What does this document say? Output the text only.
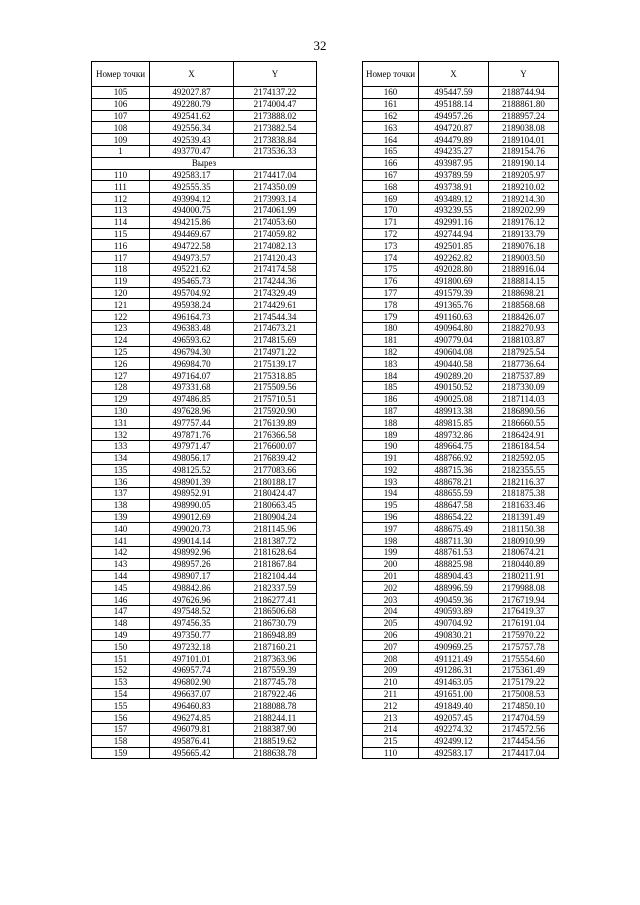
32
Номер точки	X	Y
105	492027.87	2174137.22
106	492280.79	2174004.47
107	492541.62	2173888.02
108	492556.34	2173882.54
109	492539.43	2173838.84
1	493770.47	2173536.33
Вырез		
110	492583.17	2174417.04
111	492555.35	2174350.09
112	493994.12	2173993.14
113	494000.75	2174061.99
114	494215.86	2174053.60
115	494469.67	2174059.82
116	494722.58	2174082.13
117	494973.57	2174120.43
118	495221.62	2174174.58
119	495465.73	2174244.36
120	495704.92	2174329.49
121	495938.24	2174429.61
122	496164.73	2174544.34
123	496383.48	2174673.21
124	496593.62	2174815.69
125	496794.30	2174971.22
126	496984.70	2175139.17
127	497164.07	2175318.85
128	497331.68	2175509.56
129	497486.85	2175710.51
130	497628.96	2175920.90
131	497757.44	2176139.89
132	497871.76	2176366.58
133	497971.47	2176600.07
134	498056.17	2176839.42
135	498125.52	2177083.66
136	498901.39	2180188.17
137	498952.91	2180424.47
138	498990.05	2180663.45
139	499012.69	2180904.24
140	499020.73	2181145.96
141	499014.14	2181387.72
142	498992.96	2181628.64
143	498957.26	2181867.84
144	498907.17	2182104.44
145	498842.86	2182337.59
146	497626.96	2186277.41
147	497548.52	2186506.68
148	497456.35	2186730.79
149	497350.77	2186948.89
150	497232.18	2187160.21
151	497101.01	2187363.96
152	496957.74	2187559.39
153	496802.90	2187745.78
154	496637.07	2187922.46
155	496460.83	2188088.78
156	496274.85	2188244.11
157	496079.81	2188387.90
158	495876.41	2188519.62
159	495665.42	2188638.78
Номер точки	X	Y
160	495447.59	2188744.94
161	495188.14	2188861.80
162	494957.26	2188957.24
163	494720.87	2189038.08
164	494479.89	2189104.01
165	494235.27	2189154.76
166	493987.95	2189190.14
167	493789.59	2189205.97
168	493738.91	2189210.02
169	493489.12	2189214.30
170	493239.55	2189202.99
171	492991.16	2189176.12
172	492744.94	2189133.79
173	492501.85	2189076.18
174	492262.82	2189003.50
175	492028.80	2188916.04
176	491800.69	2188814.15
177	491579.39	2188698.21
178	491365.76	2188568.68
179	491160.63	2188426.07
180	490964.80	2188270.93
181	490779.04	2188103.87
182	490604.08	2187925.54
183	490440.58	2187736.64
184	490289.20	2187537.89
185	490150.52	2187330.09
186	490025.08	2187114.03
187	489913.38	2186890.56
188	489815.85	2186660.55
189	489732.86	2186424.91
190	489664.75	2186184.54
191	488766.92	2182592.05
192	488715.36	2182355.55
193	488678.21	2182116.37
194	488655.59	2181875.38
195	488647.58	2181633.46
196	488654.22	2181391.49
197	488675.49	2181150.38
198	488711.30	2180910.99
199	488761.53	2180674.21
200	488825.98	2180440.89
201	488904.43	2180211.91
202	488996.59	2179988.08
203	490459.36	2176719.94
204	490593.89	2176419.37
205	490704.92	2176191.04
206	490830.21	2175970.22
207	490969.25	2175757.78
208	491121.49	2175554.60
209	491286.31	2175361.49
210	491463.05	2175179.22
211	491651.00	2175008.53
212	491849.40	2174850.10
213	492057.45	2174704.59
214	492274.32	2174572.56
215	492499.12	2174454.56
110	492583.17	2174417.04
